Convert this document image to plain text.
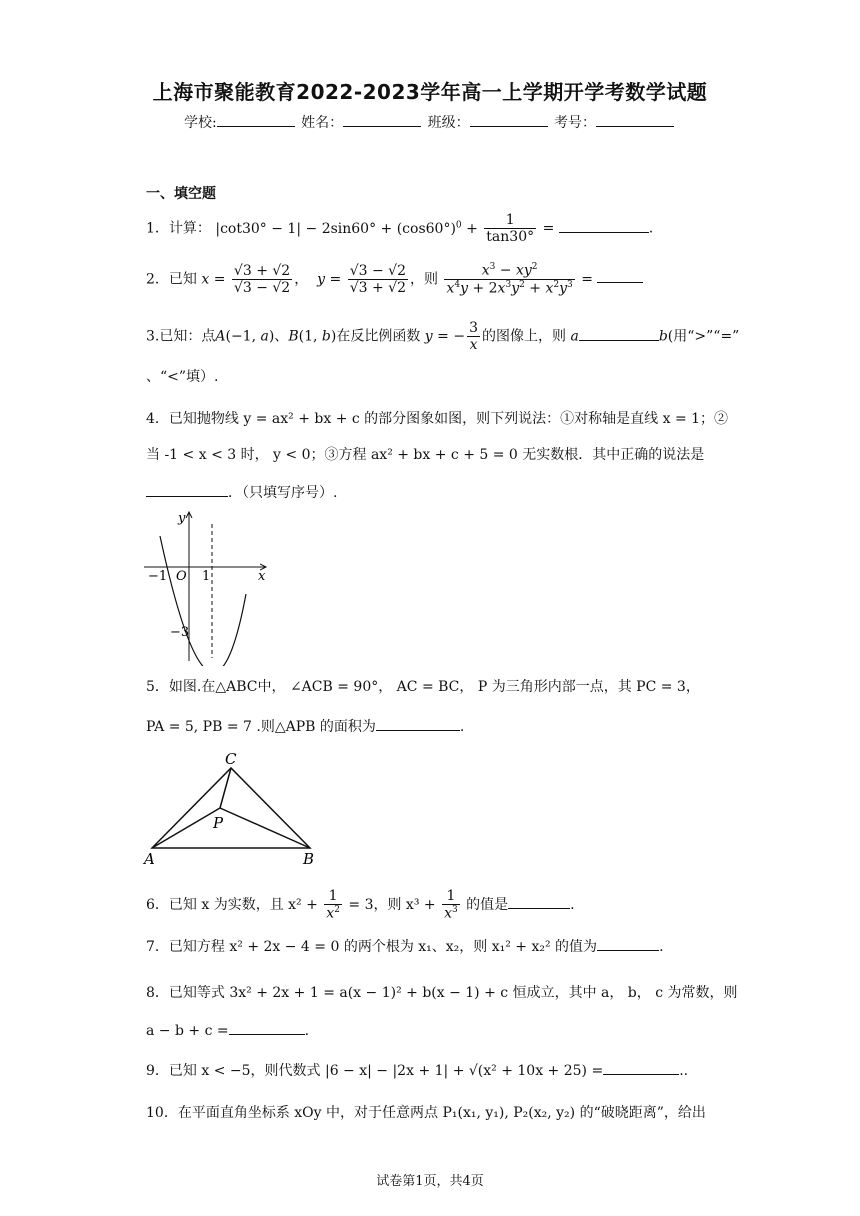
上海市聚能教育2022-2023学年高一上学期开学考数学试题
学校:	姓名：	班级：	考号：
一、填空题
1．计算： $|\cot 30^\circ - 1| - 2\sin 60^\circ + (\cos 60^\circ)^0 + \frac{1}{\tan 30^\circ}$ =	.
2．已知 $x = \frac{√3 + √2}{√3 - √2}$ ， $y = \frac{√3 - √2}{√3 + √2}$ ，则 $\frac{x^3 - xy^2}{x^4y + 2x^3y^2 + x^2y^3}$ =
3.已知：点A(−1, a)、B(1, b)在反比例函数 y = − $\frac{3}{x}$ 的图像上，则 a	b(用“>”“=”
、“<”填）.
4．已知抛物线 y = ax² + bx + c 的部分图象如图，则下列说法：①对称轴是直线 x = 1；②
当 -1 < x < 3 时， y < 0；③方程 ax² + bx + c + 5 = 0 无实数根．其中正确的说法是
．（只填写序号）.
y
x
O
−1	1
−3
5．如图.在△ABC中， ∠ACB = 90°， AC = BC， P 为三角形内部一点，其 PC = 3，
PA = 5, PB = 7 .则△APB 的面积为	.
C
P
A	B
6．已知 x 为实数，且 $x^2 + \frac{1}{x^2} = 3$，则 $x^3 + \frac{1}{x^3}$ 的值是	.
7．已知方程 x² + 2x − 4 = 0 的两个根为 x₁、x₂，则 x₁² + x₂² 的值为	.
8．已知等式 3x² + 2x + 1 = a(x − 1)² + b(x − 1) + c 恒成立，其中 a， b， c 为常数，则
a − b + c =	.
9．已知 x < −5，则代数式 |6 − x| − |2x + 1| + √(x² + 10x + 25) =	..
10．在平面直角坐标系 xOy 中，对于任意两点 P₁(x₁, y₁), P₂(x₂, y₂) 的“破晓距离”，给出
试卷第1页，共4页
